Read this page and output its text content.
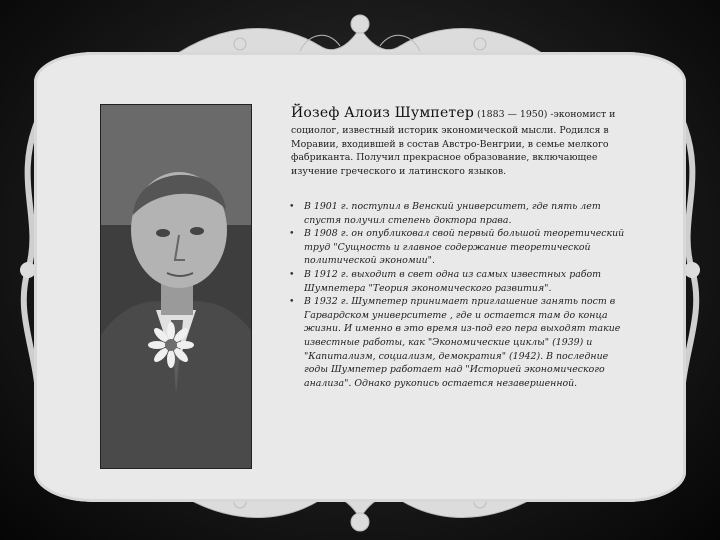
Йозеф Алоиз Шумпетер (1883 — 1950) -экономист и

социолог, известный историк экономической мысли. Родился в Моравии, входившей в состав Австро-Венгрии, в семье мелкого фабриканта. Получил прекрасное образование, включающее изучение греческого и латинского языков.

• В 1901 г. поступил в Венский университет, где пять лет спустя получил степень доктора права.
• В 1908 г. он опубликовал свой первый большой теоретический труд "Сущность и главное содержание теоретической политической экономии".
• В 1912 г. выходит в свет одна из самых известных работ Шумпетера "Теория экономического развития".
• В 1932 г. Шумпетер принимает приглашение занять пост в Гарвардском университете , где и остается там до конца жизни. И именно в это время из-под его пера выходят такие известные работы, как "Экономические циклы" (1939) и "Капитализм, социализм, демократия" (1942). В последние годы Шумпетер работает над "Историей экономического анализа". Однако рукопись остается незавершенной.
